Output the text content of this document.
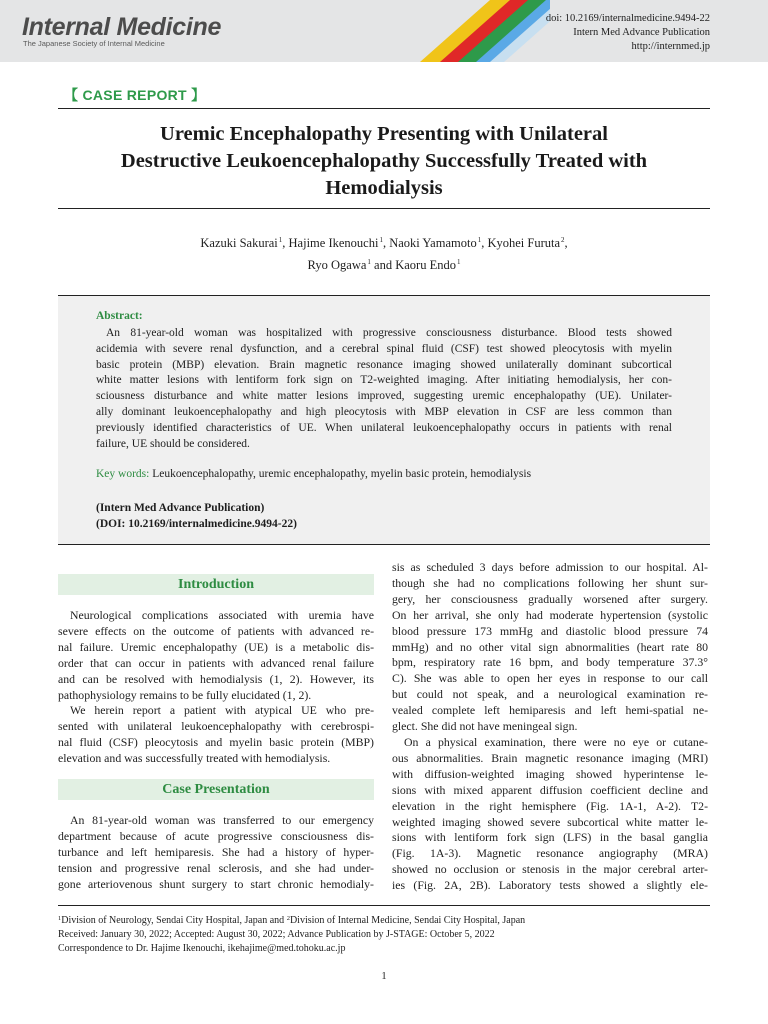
Internal Medicine
The Japanese Society of Internal Medicine
doi: 10.2169/internalmedicine.9494-22
Intern Med Advance Publication
http://internmed.jp
【 CASE REPORT 】
Uremic Encephalopathy Presenting with Unilateral
Destructive Leukoencephalopathy Successfully Treated with
Hemodialysis
Kazuki Sakurai$^1$, Hajime Ikenouchi$^1$, Naoki Yamamoto$^1$, Kyohei Furuta$^2$,
Ryo Ogawa$^1$ and Kaoru Endo$^1$
Abstract:
An 81-year-old woman was hospitalized with progressive consciousness disturbance. Blood tests showed
acidemia with severe renal dysfunction, and a cerebral spinal fluid (CSF) test showed pleocytosis with myelin
basic protein (MBP) elevation. Brain magnetic resonance imaging showed unilaterally dominant subcortical
white matter lesions with lentiform fork sign on T2-weighted imaging. After initiating hemodialysis, her con-
sciousness disturbance and white matter lesions improved, suggesting uremic encephalopathy (UE). Unilater-
ally dominant leukoencephalopathy and high pleocytosis with MBP elevation in CSF are less common than
previously identified characteristics of UE. When unilateral leukoencephalopathy occurs in patients with renal
failure, UE should be considered.
Key words: Leukoencephalopathy, uremic encephalopathy, myelin basic protein, hemodialysis
(Intern Med Advance Publication)
(DOI: 10.2169/internalmedicine.9494-22)
Introduction
Neurological complications associated with uremia have
severe effects on the outcome of patients with advanced re-
nal failure. Uremic encephalopathy (UE) is a metabolic dis-
order that can occur in patients with advanced renal failure
and can be resolved with hemodialysis (1, 2). However, its
pathophysiology remains to be fully elucidated (1, 2).
We herein report a patient with atypical UE who pre-
sented with unilateral leukoencephalopathy with cerebrospi-
nal fluid (CSF) pleocytosis and myelin basic protein (MBP)
elevation and was successfully treated with hemodialysis.
Case Presentation
An 81-year-old woman was transferred to our emergency
department because of acute progressive consciousness dis-
turbance and left hemiparesis. She had a history of hyper-
tension and progressive renal sclerosis, and she had under-
gone arteriovenous shunt surgery to start chronic hemodialy-
sis as scheduled 3 days before admission to our hospital. Al-
though she had no complications following her shunt sur-
gery, her consciousness gradually worsened after surgery.
On her arrival, she only had moderate hypertension (systolic
blood pressure 173 mmHg and diastolic blood pressure 74
mmHg) and no other vital sign abnormalities (heart rate 80
bpm, respiratory rate 16 bpm, and body temperature 37.3°
C). She was able to open her eyes in response to our call
but could not speak, and a neurological examination re-
vealed complete left hemiparesis and left hemi-spatial ne-
glect. She did not have meningeal sign.
On a physical examination, there were no eye or cutane-
ous abnormalities. Brain magnetic resonance imaging (MRI)
with diffusion-weighted imaging showed hyperintense le-
sions with mixed apparent diffusion coefficient decline and
elevation in the right hemisphere (Fig. 1A-1, A-2). T2-
weighted imaging showed severe subcortical white matter le-
sions with lentiform fork sign (LFS) in the basal ganglia
(Fig. 1A-3). Magnetic resonance angiography (MRA)
showed no occlusion or stenosis in the major cerebral arter-
ies (Fig. 2A, 2B). Laboratory tests showed a slightly ele-
$^1$Division of Neurology, Sendai City Hospital, Japan and $^2$Division of Internal Medicine, Sendai City Hospital, Japan
Received: January 30, 2022; Accepted: August 30, 2022; Advance Publication by J-STAGE: October 5, 2022
Correspondence to Dr. Hajime Ikenouchi, ikehajime@med.tohoku.ac.jp
1
